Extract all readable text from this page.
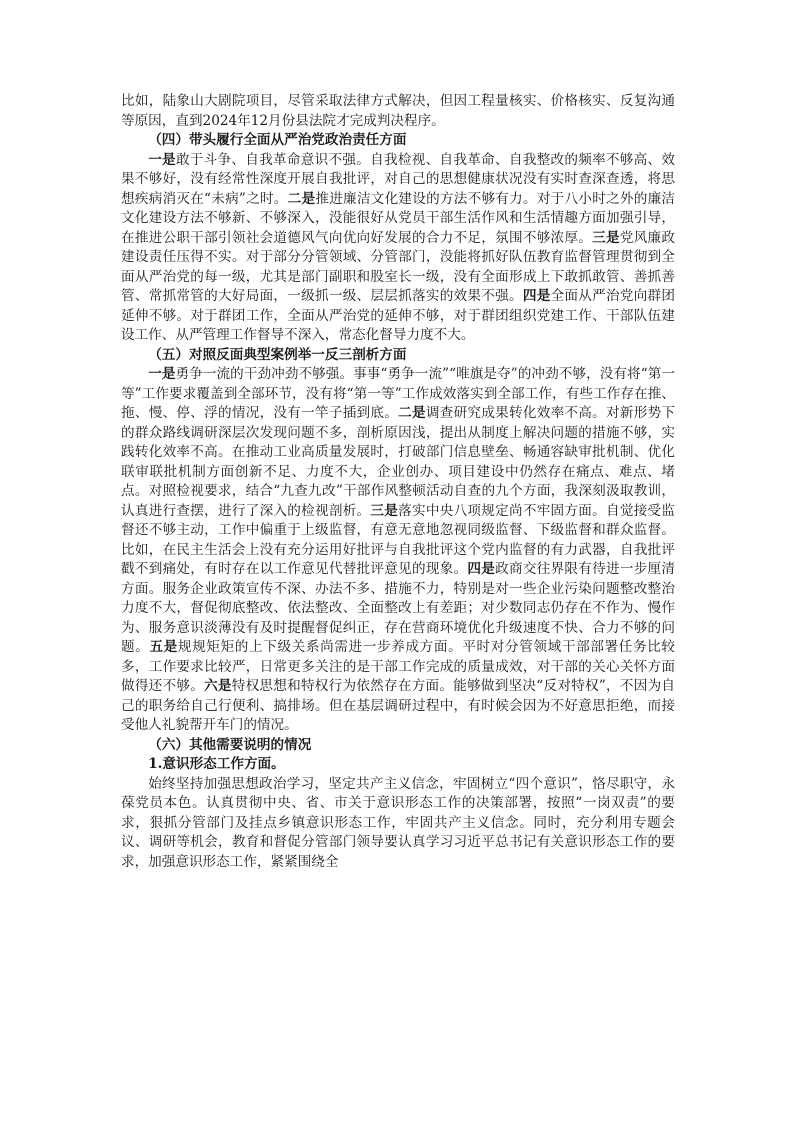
比如，陆象山大剧院项目，尽管采取法律方式解决，但因工程量核实、价格核实、反复沟通等原因，直到2024年12月份县法院才完成判决程序。

（四）带头履行全面从严治党政治责任方面

一是敢于斗争、自我革命意识不强。自我检视、自我革命、自我整改的频率不够高、效果不够好，没有经常性深度开展自我批评，对自己的思想健康状况没有实时查深查透，将思想疾病消灭在“未病”之时。二是推进廉洁文化建设的方法不够有力。对于八小时之外的廉洁文化建设方法不够新、不够深入，没能很好从党员干部生活作风和生活情趣方面加强引导，在推进公职干部引领社会道德风气向优向好发展的合力不足，氛围不够浓厚。三是党风廉政建设责任压得不实。对于部分分管领域、分管部门，没能将抓好队伍教育监督管理贯彻到全面从严治党的每一级，尤其是部门副职和股室长一级，没有全面形成上下敢抓敢管、善抓善管、常抓常管的大好局面，一级抓一级、层层抓落实的效果不强。四是全面从严治党向群团延伸不够。对于群团工作，全面从严治党的延伸不够，对于群团组织党建工作、干部队伍建设工作、从严管理工作督导不深入，常态化督导力度不大。

（五）对照反面典型案例举一反三剖析方面

一是勇争一流的干劲冲劲不够强。事事“勇争一流”“唯旗是夺”的冲劲不够，没有将“第一等”工作要求覆盖到全部环节，没有将“第一等”工作成效落实到全部工作，有些工作存在推、拖、慢、停、浮的情况，没有一竿子插到底。二是调查研究成果转化效率不高。对新形势下的群众路线调研深层次发现问题不多，剖析原因浅，提出从制度上解决问题的措施不够，实践转化效率不高。在推动工业高质量发展时，打破部门信息壁垒、畅通容缺审批机制、优化联审联批机制方面创新不足、力度不大，企业创办、项目建设中仍然存在痛点、难点、堵点。对照检视要求，结合“九查九改”干部作风整顿活动自查的九个方面，我深刻汲取教训，认真进行查摆，进行了深入的检视剖析。三是落实中央八项规定尚不牢固方面。自觉接受监督还不够主动，工作中偏重于上级监督，有意无意地忽视同级监督、下级监督和群众监督。比如，在民主生活会上没有充分运用好批评与自我批评这个党内监督的有力武器，自我批评戳不到痛处，有时存在以工作意见代替批评意见的现象。四是政商交往界限有待进一步厘清方面。服务企业政策宣传不深、办法不多、措施不力，特别是对一些企业污染问题整改整治力度不大，督促彻底整改、依法整改、全面整改上有差距；对少数同志仍存在不作为、慢作为、服务意识淡薄没有及时提醒督促纠正，存在营商环境优化升级速度不快、合力不够的问题。五是规规矩矩的上下级关系尚需进一步养成方面。平时对分管领域干部部署任务比较多，工作要求比较严，日常更多关注的是干部工作完成的质量成效，对干部的关心关怀方面做得还不够。六是特权思想和特权行为依然存在方面。能够做到坚决“反对特权”，不因为自己的职务给自己行便利、搞排场。但在基层调研过程中，有时候会因为不好意思拒绝，而接受他人礼貌帮开车门的情况。

（六）其他需要说明的情况

1.意识形态工作方面。

始终坚持加强思想政治学习，坚定共产主义信念，牢固树立“四个意识”，恪尽职守，永葆党员本色。认真贯彻中央、省、市关于意识形态工作的决策部署，按照“一岗双责”的要求，狠抓分管部门及挂点乡镇意识形态工作，牢固共产主义信念。同时，充分利用专题会议、调研等机会，教育和督促分管部门领导要认真学习习近平总书记有关意识形态工作的要求，加强意识形态工作，紧紧围绕全
